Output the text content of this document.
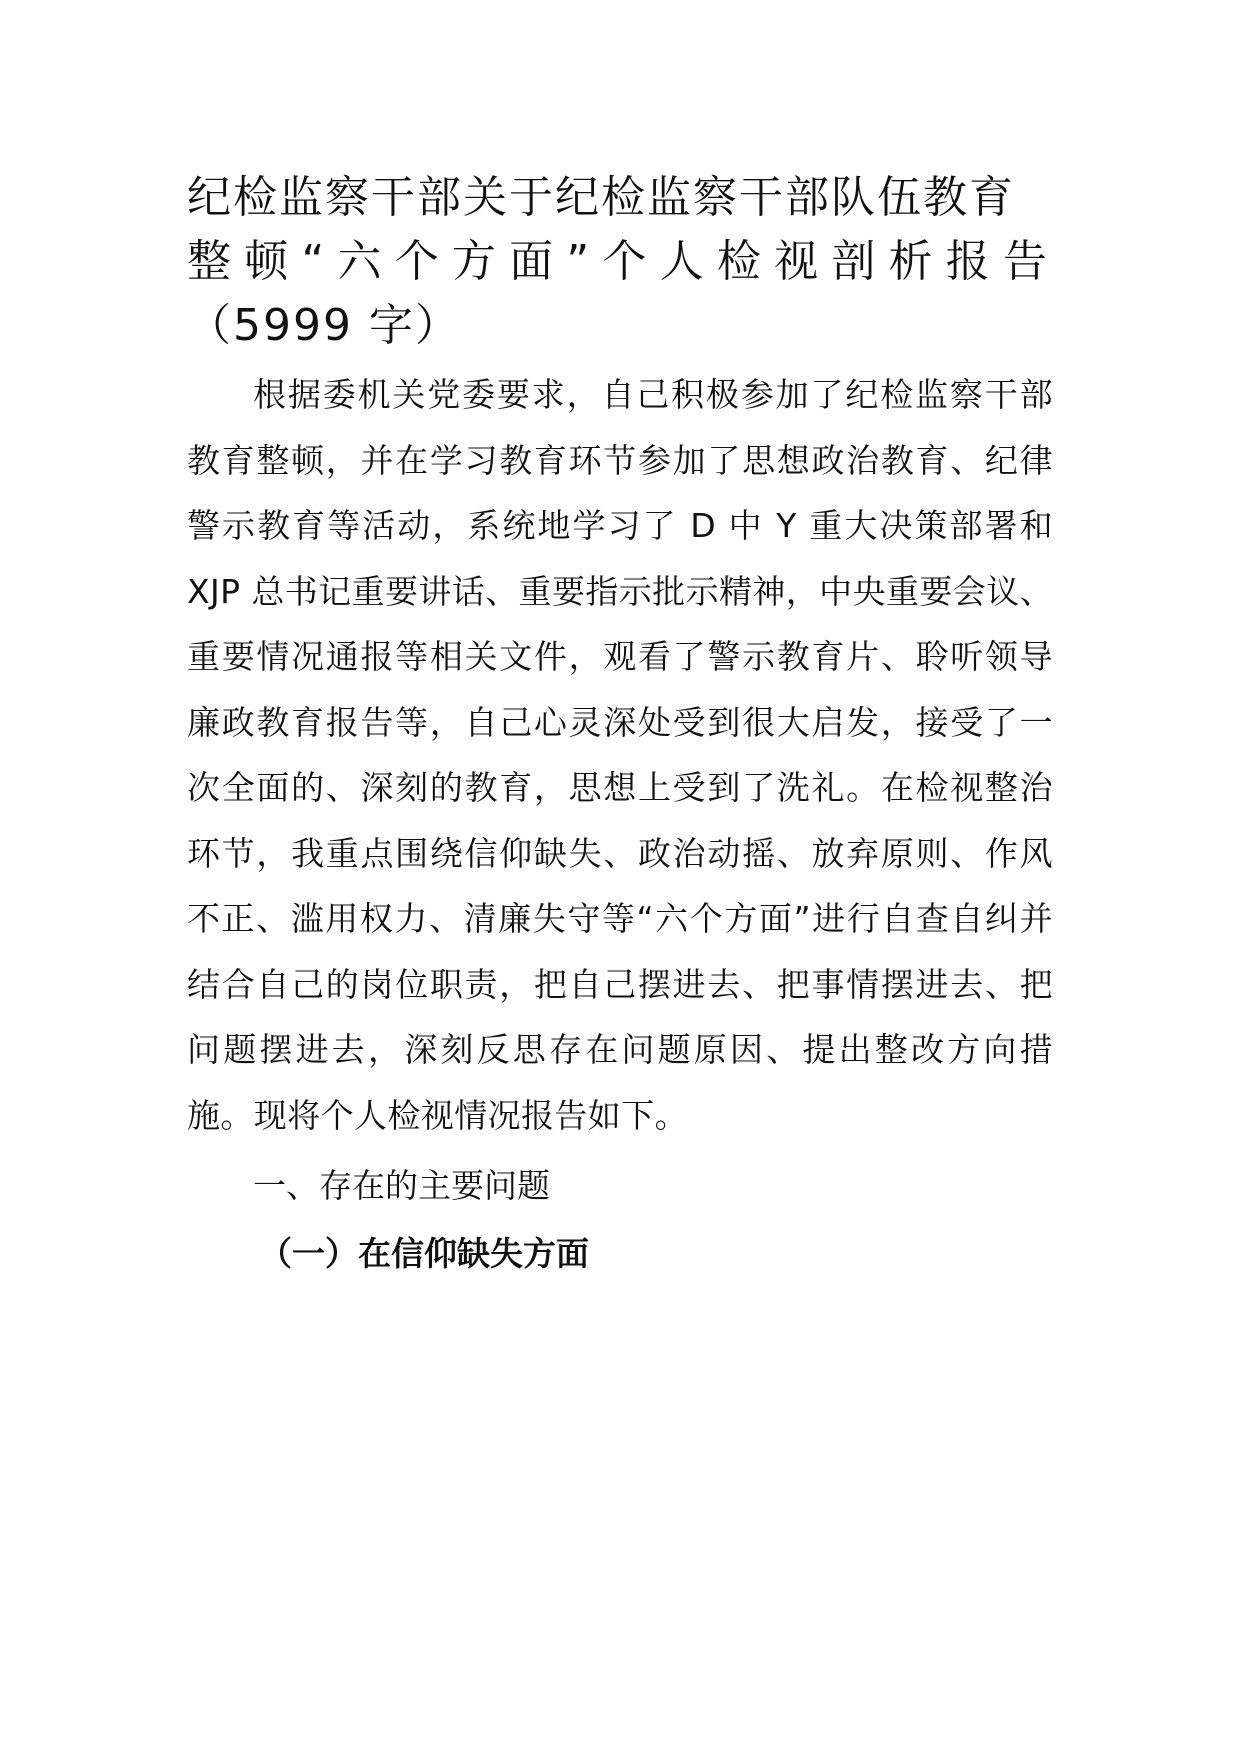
纪检监察干部关于纪检监察干部队伍教育
整顿“六个方面”个人检视剖析报告
（5999 字）

根据委机关党委要求，自己积极参加了纪检监察干部教育整顿，并在学习教育环节参加了思想政治教育、纪律警示教育等活动，系统地学习了 D 中 Y 重大决策部署和 XJP 总书记重要讲话、重要指示批示精神，中央重要会议、重要情况通报等相关文件，观看了警示教育片、聆听领导廉政教育报告等，自己心灵深处受到很大启发，接受了一次全面的、深刻的教育，思想上受到了洗礼。在检视整治环节，我重点围绕信仰缺失、政治动摇、放弃原则、作风不正、滥用权力、清廉失守等“六个方面”进行自查自纠并结合自己的岗位职责，把自己摆进去、把事情摆进去、把问题摆进去，深刻反思存在问题原因、提出整改方向措施。现将个人检视情况报告如下。

一、存在的主要问题

（一）在信仰缺失方面
